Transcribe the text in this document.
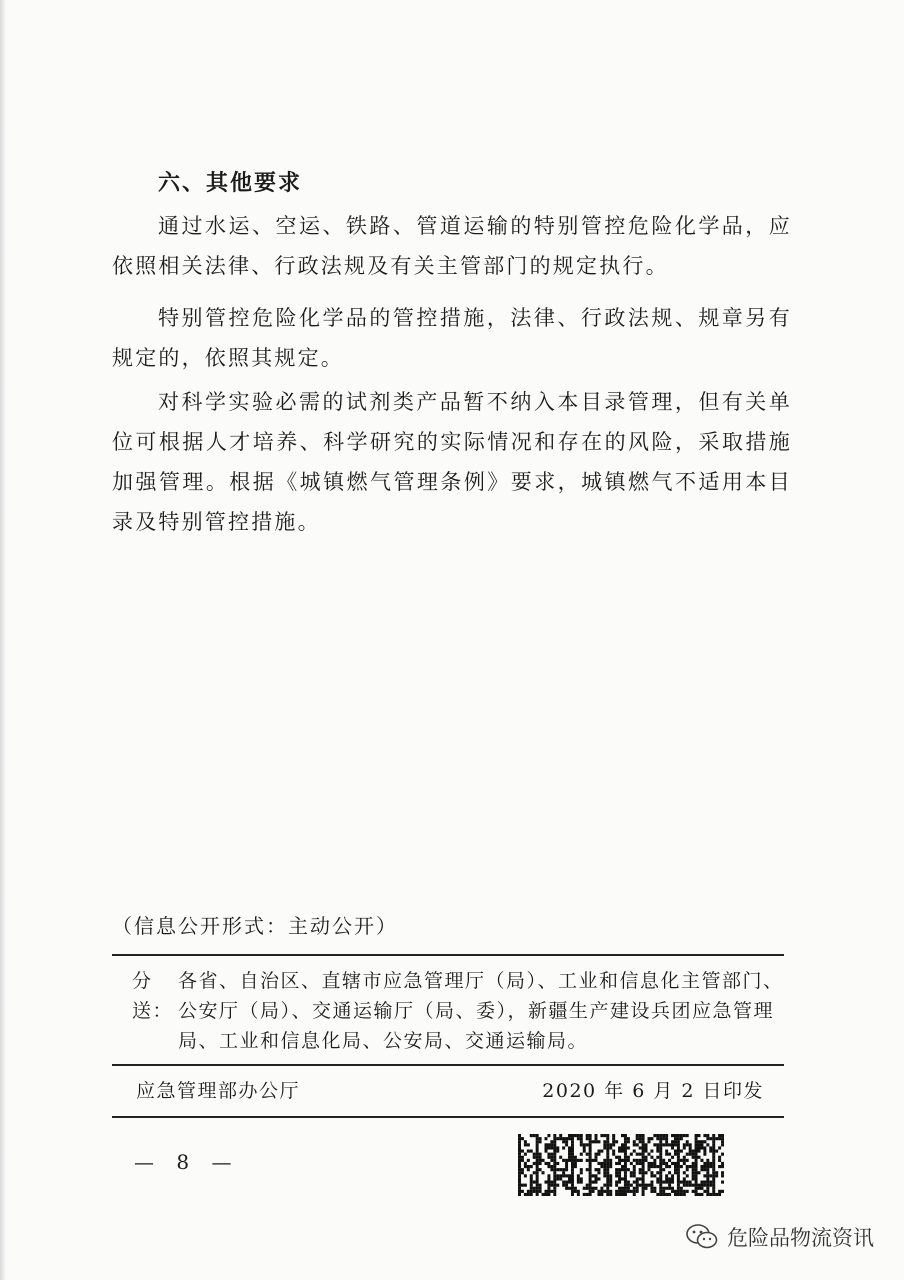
六、其他要求

通过水运、空运、铁路、管道运输的特别管控危险化学品，应依照相关法律、行政法规及有关主管部门的规定执行。

特别管控危险化学品的管控措施，法律、行政法规、规章另有规定的，依照其规定。

对科学实验必需的试剂类产品暂不纳入本目录管理，但有关单位可根据人才培养、科学研究的实际情况和存在的风险，采取措施加强管理。根据《城镇燃气管理条例》要求，城镇燃气不适用本目录及特别管控措施。

（信息公开形式：主动公开）
分送：
各省、自治区、直辖市应急管理厅（局）、工业和信息化主管部门、公安厅（局）、交通运输厅（局、委），新疆生产建设兵团应急管理局、工业和信息化局、公安局、交通运输局。
应急管理部办公厅	2020 年 6 月 2 日印发
— 8 —
危险品物流资讯
